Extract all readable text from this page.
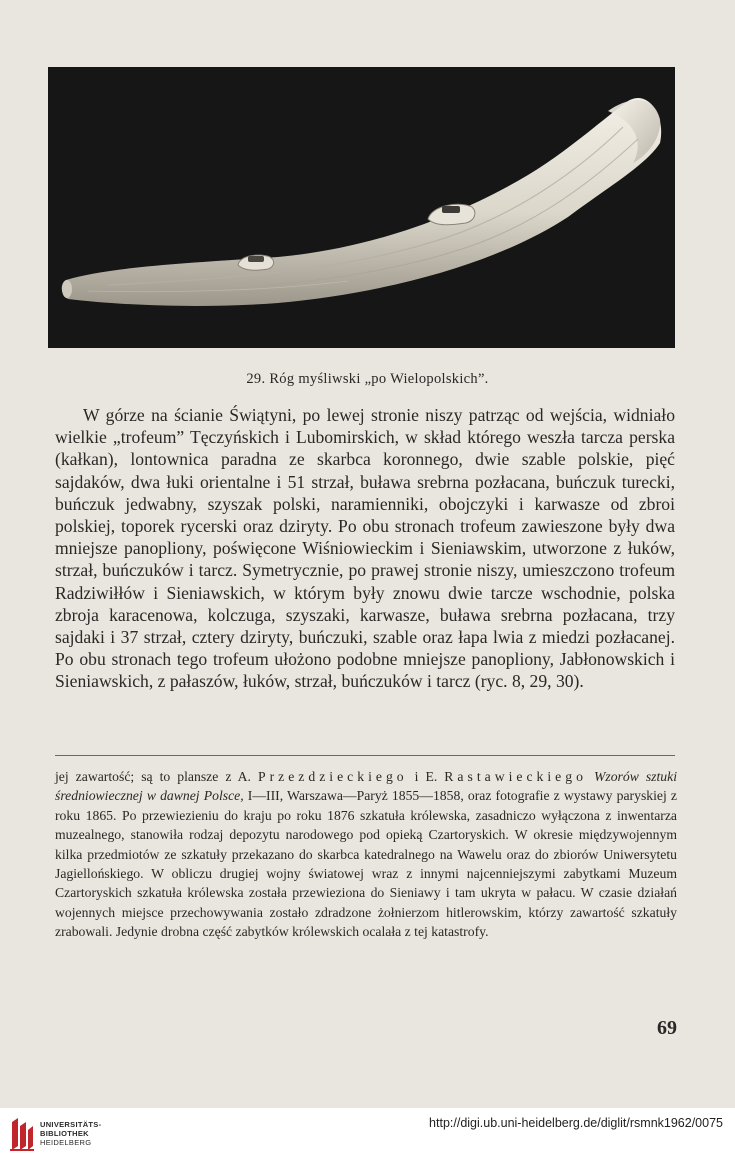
29. Róg myśliwski „po Wielopolskich”.

W górze na ścianie Świątyni, po lewej stronie niszy patrząc od wejścia, widniało wielkie „trofeum” Tęczyńskich i Lubomirskich, w skład którego weszła tarcza perska (kałkan), lontownica paradna ze skarbca koronnego, dwie szable polskie, pięć sajdaków, dwa łuki orientalne i 51 strzał, buława srebrna pozłacana, buńczuk turecki, buńczuk jedwabny, szyszak polski, naramienniki, obojczyki i karwasze od zbroi polskiej, toporek rycerski oraz dziryty. Po obu stronach trofeum zawieszone były dwa mniejsze panopliony, poświęcone Wiśniowieckim i Sieniawskim, utworzone z łuków, strzał, buńczuków i tarcz. Symetrycznie, po prawej stronie niszy, umieszczono trofeum Radziwiłłów i Sieniawskich, w którym były znowu dwie tarcze wschodnie, polska zbroja karacenowa, kolczuga, szyszaki, karwasze, buława srebrna pozłacana, trzy sajdaki i 37 strzał, cztery dziryty, buńczuki, szable oraz łapa lwia z miedzi pozłacanej. Po obu stronach tego trofeum ułożono podobne mniejsze panopliony, Jabłonowskich i Sieniawskich, z pałaszów, łuków, strzał, buńczuków i tarcz (ryc. 8, 29, 30).

jej zawartość; są to plansze z A. Przezdzieckiego i E. Rastawieckiego Wzorów sztuki średniowiecznej w dawnej Polsce, I—III, Warszawa—Paryż 1855—1858, oraz fotografie z wystawy paryskiej z roku 1865. Po przewiezieniu do kraju po roku 1876 szkatuła królewska, zasadniczo wyłączona z inwentarza muzealnego, stanowiła rodzaj depozytu narodowego pod opieką Czartoryskich. W okresie międzywojennym kilka przedmiotów ze szkatuły przekazano do skarbca katedralnego na Wawelu oraz do zbiorów Uniwersytetu Jagiellońskiego. W obliczu drugiej wojny światowej wraz z innymi najcenniejszymi zabytkami Muzeum Czartoryskich szkatuła królewska została przewieziona do Sieniawy i tam ukryta w pałacu. W czasie działań wojennych miejsce przechowywania zostało zdradzone żołnierzom hitlerowskim, którzy zawartość szkatuły zrabowali. Jedynie drobna część zabytków królewskich ocalała z tej katastrofy.

69
UNIVERSITÄTS-
BIBLIOTHEK
HEIDELBERG
http://digi.ub.uni-heidelberg.de/diglit/rsmnk1962/0075
